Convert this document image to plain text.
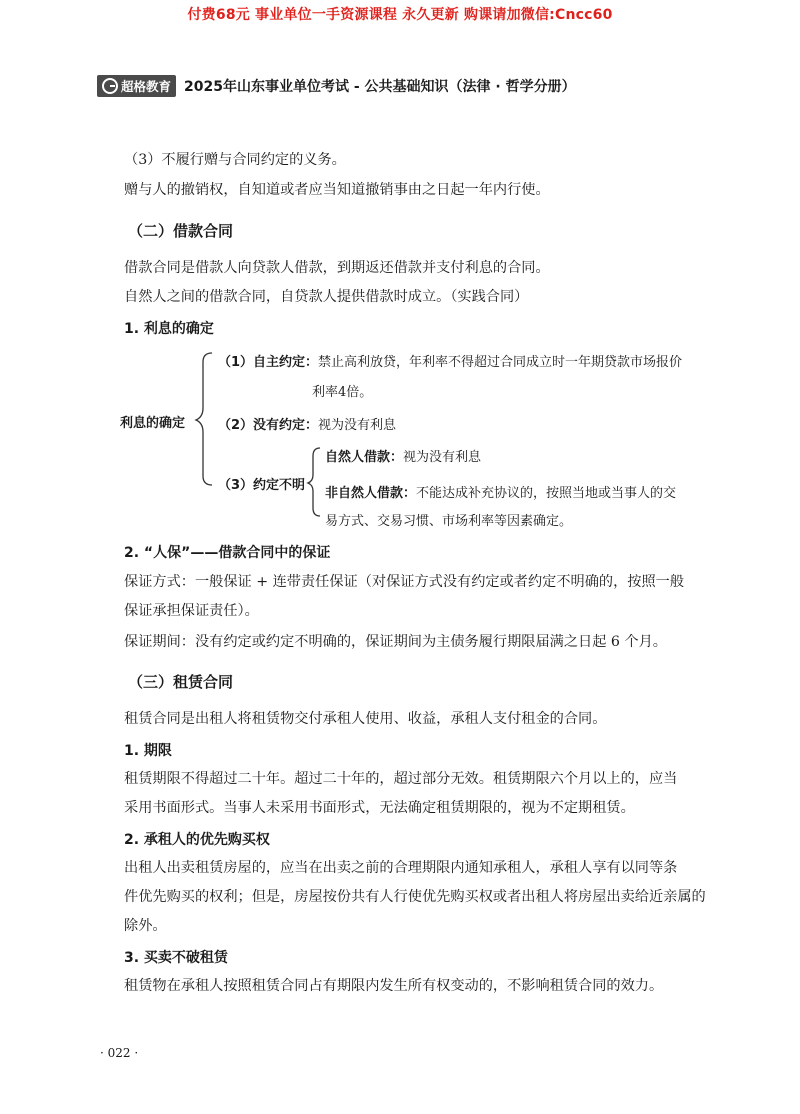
付费68元 事业单位一手资源课程 永久更新 购课请加微信:Cncc60
超格教育 2025年山东事业单位考试 - 公共基础知识（法律 · 哲学分册）
（3）不履行赠与合同约定的义务。
赠与人的撤销权，自知道或者应当知道撤销事由之日起一年内行使。
（二）借款合同
借款合同是借款人向贷款人借款，到期返还借款并支付利息的合同。
自然人之间的借款合同，自贷款人提供借款时成立。（实践合同）
1. 利息的确定
利息的确定
（1）自主约定：禁止高利放贷，年利率不得超过合同成立时一年期贷款市场报价
利率4倍。
（2）没有约定：视为没有利息
（3）约定不明
自然人借款：视为没有利息
非自然人借款：不能达成补充协议的，按照当地或当事人的交
易方式、交易习惯、市场利率等因素确定。
2. “人保”——借款合同中的保证
保证方式：一般保证 + 连带责任保证（对保证方式没有约定或者约定不明确的，按照一般
保证承担保证责任）。
保证期间：没有约定或约定不明确的，保证期间为主债务履行期限届满之日起 6 个月。
（三）租赁合同
租赁合同是出租人将租赁物交付承租人使用、收益，承租人支付租金的合同。
1. 期限
租赁期限不得超过二十年。超过二十年的，超过部分无效。租赁期限六个月以上的，应当
采用书面形式。当事人未采用书面形式，无法确定租赁期限的，视为不定期租赁。
2. 承租人的优先购买权
出租人出卖租赁房屋的，应当在出卖之前的合理期限内通知承租人，承租人享有以同等条
件优先购买的权利；但是，房屋按份共有人行使优先购买权或者出租人将房屋出卖给近亲属的
除外。
3. 买卖不破租赁
租赁物在承租人按照租赁合同占有期限内发生所有权变动的，不影响租赁合同的效力。
· 022 ·
